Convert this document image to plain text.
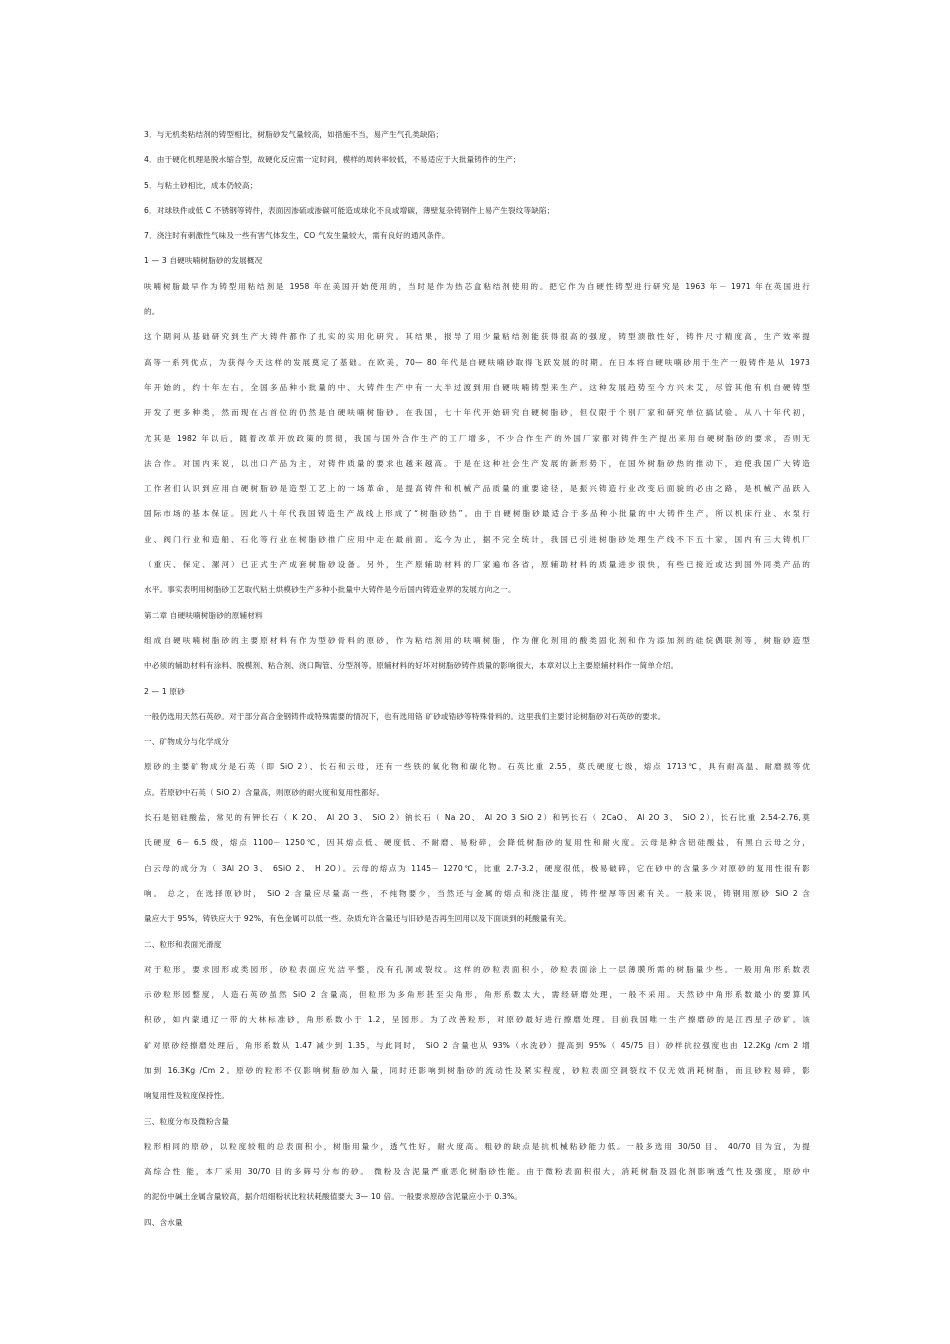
3．与无机类粘结剂的铸型相比，树脂砂发气量较高，如措施不当，易产生气孔类缺陷；
4．由于硬化机理是脱水缩合型，故硬化反应需一定时间，模样的周转率较低，不易适应于大批量铸件的生产；
5．与粘土砂相比，成本仍较高；
6．对球铁件或低 C 不锈钢等铸件，表面因渗硫或渗碳可能造成球化不良或增碳，薄壁复杂铸钢件上易产生裂纹等缺陷；
7．浇注时有刺激性气味及一些有害气体发生，CO 气发生量较大，需有良好的通风条件。
1 — 3 自硬呋喃树脂砂的发展概况
呋喃树脂最早作为铸型用粘结剂是 1958 年在美国开始使用的，当时是作为热芯盒粘结剂使用的。把它作为自硬性铸型进行研究是 1963 年－ 1971 年在英国进行
的。
这个期间从基础研究到生产大铸件都作了扎实的实用化研究。其结果，报导了用少量粘结剂能获得很高的强度，铸型溃散性好，铸件尺寸精度高，生产效率提
高等一系列优点，为获得今天这样的发展奠定了基础。在欧美，70— 80 年代是自硬呋喃砂取得飞跃发展的时期。在日本将自硬呋喃砂用于生产一般铸件是从 1973
年开始的，约十年左右，全国多品种小批量的中、大铸件生产中有一大半过渡到用自硬呋喃铸型来生产。这种发展趋势至今方兴未艾，尽管其他有机自硬铸型
开发了更多种类，然而现在占首位的仍然是自硬呋喃树脂砂。在我国，七十年代开始研究自硬树脂砂，但仅限于个别厂家和研究单位搞试验。从八十年代初，
尤其是 1982 年以后，随着改革开放政策的贯彻，我国与国外合作生产的工厂增多，不少合作生产的外国厂家都对铸件生产提出来用自硬树脂砂的要求，否则无
法合作。对国内来说，以出口产品为主，对铸件质量的要求也越来越高。于是在这种社会生产发展的新形势下，在国外树脂砂热的推动下，迫使我国广大铸造
工作者们认识到应用自硬树脂砂是造型工艺上的一场革命，是提高铸件和机械产品质量的重要途径，是振兴铸造行业改变后面貌的必由之路，是机械产品跃入
国际市场的基本保证。因此八十年代我国铸造生产战线上形成了“树脂砂热”。由于自硬树脂砂最适合于多品种小批量的中大铸件生产，所以机床行业、水泵行
业、阀门行业和造船、石化等行业在树脂砂推广应用中走在最前面。迄今为止，据不完全统计，我国已引进树脂砂处理生产线不下五十家，国内有三大铸机厂
（重庆、保定、漯河）已正式生产成套树脂砂设备。另外，生产原辅助材料的厂家遍布各省，原辅助材料的质量进步很快，有些已接近或达到国外同类产品的
水平。事实表明用树脂砂工艺取代粘土烘模砂生产多种小批量中大铸件是今后国内铸造业界的发展方向之一。
第二章 自硬呋喃树脂砂的原辅材料
组成自硬呋喃树脂砂的主要原材料有作为型砂骨料的原砂，作为粘结剂用的呋喃树脂，作为催化剂用的酸类固化剂和作为添加剂的硅烷偶联剂等，树脂砂造型
中必须的辅助材料有涂料、脱模剂、粘合剂、浇口陶管、分型剂等。原辅材料的好坏对树脂砂铸件质量的影响很大，本章对以上主要原辅材料作一简单介绍。
2 — 1 原砂
一般仍选用天然石英砂。对于部分高合金钢铸件或特殊需要的情况下，也有选用铬 矿砂或锆砂等特殊骨料的。这里我们主要讨论树脂砂对石英砂的要求。
一、矿物成分与化学成分
原砂的主要矿物成分是石英（即 SiO 2）、长石和云母，还有一些铁的氧化物和碳化物。石英比重 2.55，莫氏硬度七级，熔点 1713℃，具有耐高温、耐磨损等优
点。若原砂中石英（ SiO 2）含量高，则原砂的耐火度和复用性都好。
长石是铝硅酸盐，常见的有钾长石（ K 2O、 Al 2O 3、 SiO 2）钠长石（ Na 2O、 Al 2O 3 SiO 2）和钙长石（ 2CaO、 Al 2O 3、 SiO 2），长石比重 2.54-2.76,莫
氏硬度 6－ 6.5 级，熔点 1100－ 1250℃，因其熔点低、硬度低、不耐磨、易粉碎，会降低树脂砂的复用性和耐火度。云母是种含铝硅酸盐，有黑白云母之分，
白云母的成分为（ 3Al 2O 3、 6SiO 2、 H 2O）。云母的熔点为 1145－ 1270℃，比重 2.7-3.2，硬度很低，极易破碎，它在砂中的含量多少对原砂的复用性很有影
响。 总之，在选择原砂时， SiO 2 含量应尽量高一些，不纯物要少，当然还与金属的熔点和浇注温度，铸件壁厚等因素有关。一般来说，铸钢用原砂 SiO 2 含
量应大于 95%，铸铁应大于 92%，有色金属可以低一些。杂质允许含量还与旧砂是否再生回用以及下面谈到的耗酸量有关。
二、粒形和表面光滑度
对于粒形，要求园形或类园形，砂粒表面应光洁平整，没有孔洞或裂纹。这样的砂粒表面积小，砂粒表面涂上一层薄膜所需的树脂量少些。一般用角形系数表
示砂粒形园整度，人造石英砂虽然 SiO 2 含量高，但粒形为多角形甚至尖角形，角形系数太大，需经研磨处理，一般不采用。天然砂中角形系数最小的要算风
积砂，如内蒙通辽一带的大林标准砂，角形系数小于 1.2，呈园形。为了改善粒形，对原砂最好进行擦磨处理。目前我国唯一生产擦磨砂的是江西星子砂矿。该
矿对原砂经擦磨处理后，角形系数从 1.47 减少到 1.35，与此同时， SiO 2 含量也从 93%（水洗砂）提高到 95%（ 45/75 目）砂样抗拉强度也由 12.2Kg /cm 2 增
加到 16.3Kg /Cm 2。原砂的粒形不仅影响树脂砂加入量，同时还影响到树脂砂的流动性及紧实程度，砂粒表面空洞裂纹不仅无效消耗树脂，而且砂粒易碎，影
响复用性及粒度保持性。
三、粒度分布及微粉含量
粒形相同的原砂，以粒度较粗的总表面积小，树脂用量少，透气性好，耐火度高。粗砂的缺点是抗机械粘砂能力低。一般多选用 30/50 目、 40/70 目为宜，为提
高综合性 能，本厂采用 30/70 目的多筛号分布的砂。 微粉及含泥量严重恶化树脂砂性能。由于微粉表面积很大，消耗树脂及固化剂影响透气性及强度，原砂中
的泥份中碱土金属含量较高，据介绍细粉状比粒状耗酸值要大 3— 10 倍。一般要求原砂含泥量应小于 0.3%。
四、含水量
